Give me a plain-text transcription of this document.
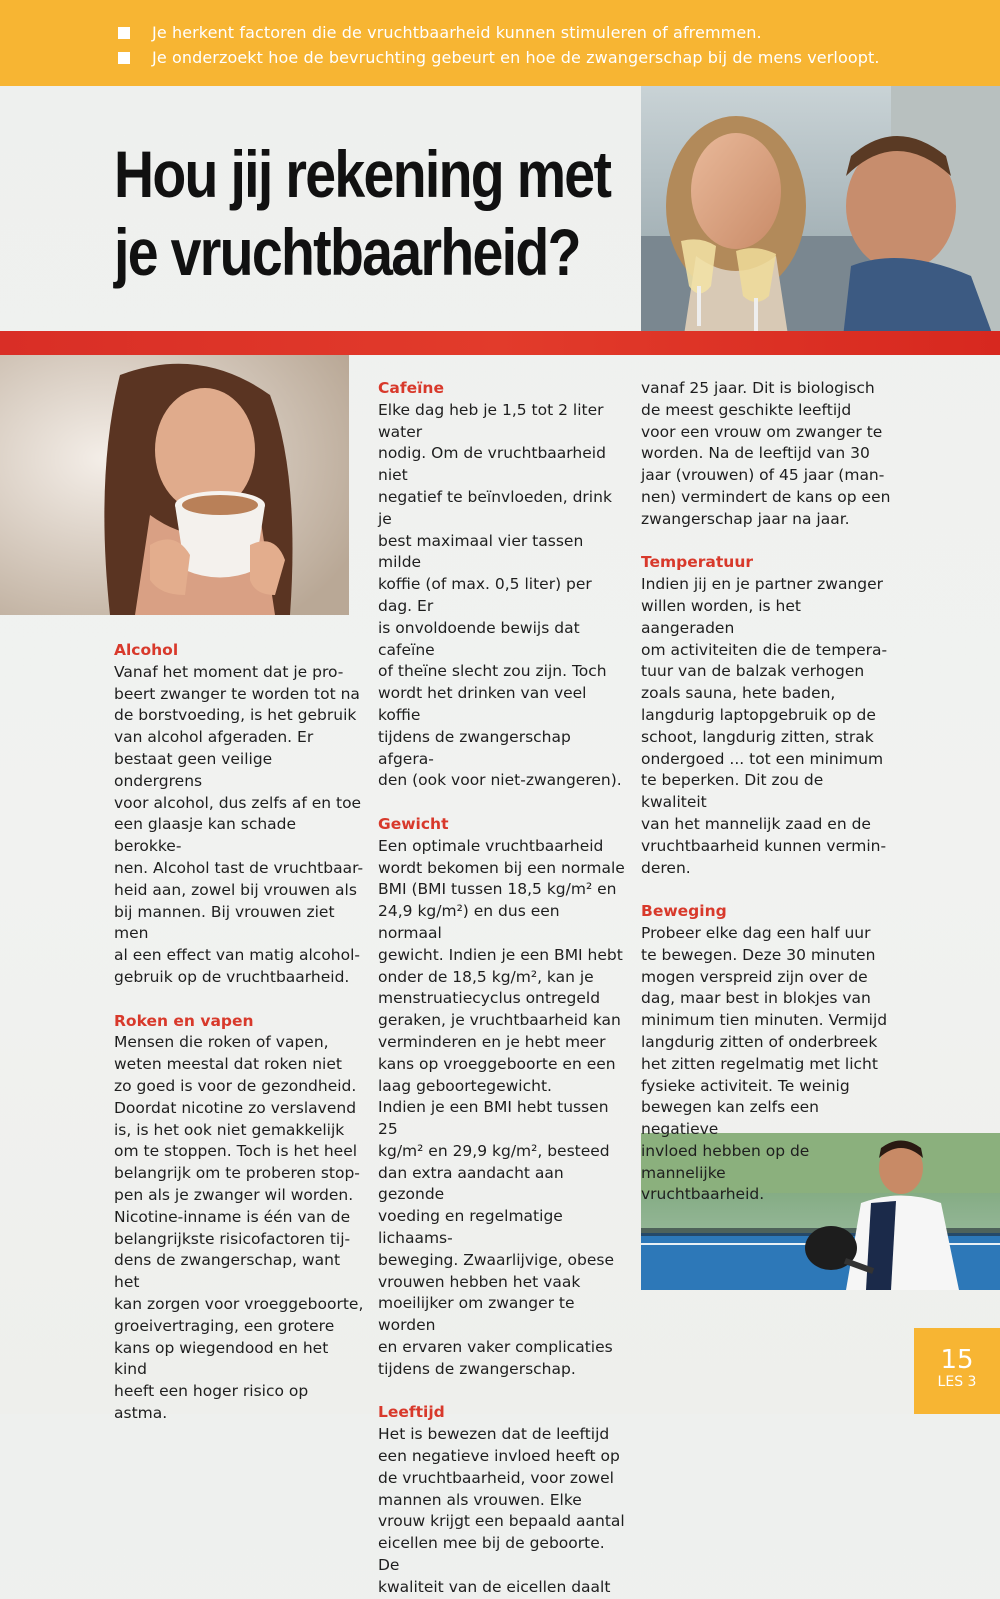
Je herkent factoren die de vruchtbaarheid kunnen stimuleren of afremmen.
Je onderzoekt hoe de bevruchting gebeurt en hoe de zwangerschap bij de mens verloopt.
Hou jij rekening met
je vruchtbaarheid?
Alcohol

Vanaf het moment dat je pro-
beert zwanger te worden tot na
de borstvoeding, is het gebruik
van alcohol afgeraden. Er
bestaat geen veilige ondergrens
voor alcohol, dus zelfs af en toe
een glaasje kan schade berokke-
nen. Alcohol tast de vruchtbaar-
heid aan, zowel bij vrouwen als
bij mannen. Bij vrouwen ziet men
al een effect van matig alcohol-
gebruik op de vruchtbaarheid.

Roken en vapen

Mensen die roken of vapen,
weten meestal dat roken niet
zo goed is voor de gezondheid.
Doordat nicotine zo verslavend
is, is het ook niet gemakkelijk
om te stoppen. Toch is het heel
belangrijk om te proberen stop-
pen als je zwanger wil worden.
Nicotine-inname is één van de
belangrijkste risicofactoren tij-
dens de zwangerschap, want het
kan zorgen voor vroeggeboorte,
groeivertraging, een grotere
kans op wiegendood en het kind
heeft een hoger risico op astma.

Cafeïne

Elke dag heb je 1,5 tot 2 liter water
nodig. Om de vruchtbaarheid niet
negatief te beïnvloeden, drink je
best maximaal vier tassen milde
koffie (of max. 0,5 liter) per dag. Er
is onvoldoende bewijs dat cafeïne
of theïne slecht zou zijn. Toch
wordt het drinken van veel koffie
tijdens de zwangerschap afgera-
den (ook voor niet-zwangeren).

Gewicht

Een optimale vruchtbaarheid
wordt bekomen bij een normale
BMI (BMI tussen 18,5 kg/m² en
24,9 kg/m²) en dus een normaal
gewicht. Indien je een BMI hebt
onder de 18,5 kg/m², kan je
menstruatiecyclus ontregeld
geraken, je vruchtbaarheid kan
verminderen en je hebt meer
kans op vroeggeboorte en een
laag geboortegewicht.
Indien je een BMI hebt tussen 25
kg/m² en 29,9 kg/m², besteed
dan extra aandacht aan gezonde
voeding en regelmatige lichaams-
beweging. Zwaarlijvige, obese
vrouwen hebben het vaak
moeilijker om zwanger te worden
en ervaren vaker complicaties
tijdens de zwangerschap.

Leeftijd

Het is bewezen dat de leeftijd
een negatieve invloed heeft op
de vruchtbaarheid, voor zowel
mannen als vrouwen. Elke
vrouw krijgt een bepaald aantal
eicellen mee bij de geboorte. De
kwaliteit van de eicellen daalt

vanaf 25 jaar. Dit is biologisch
de meest geschikte leeftijd
voor een vrouw om zwanger te
worden. Na de leeftijd van 30
jaar (vrouwen) of 45 jaar (man-
nen) vermindert de kans op een
zwangerschap jaar na jaar.

Temperatuur

Indien jij en je partner zwanger
willen worden, is het aangeraden
om activiteiten die de tempera-
tuur van de balzak verhogen
zoals sauna, hete baden,
langdurig laptopgebruik op de
schoot, langdurig zitten, strak
ondergoed ... tot een minimum
te beperken. Dit zou de kwaliteit
van het mannelijk zaad en de
vruchtbaarheid kunnen vermin-
deren.

Beweging

Probeer elke dag een half uur
te bewegen. Deze 30 minuten
mogen verspreid zijn over de
dag, maar best in blokjes van
minimum tien minuten. Vermijd
langdurig zitten of onderbreek
het zitten regelmatig met licht
fysieke activiteit. Te weinig
bewegen kan zelfs een negatieve
invloed hebben op de mannelijke
vruchtbaarheid.

15
LES 3
